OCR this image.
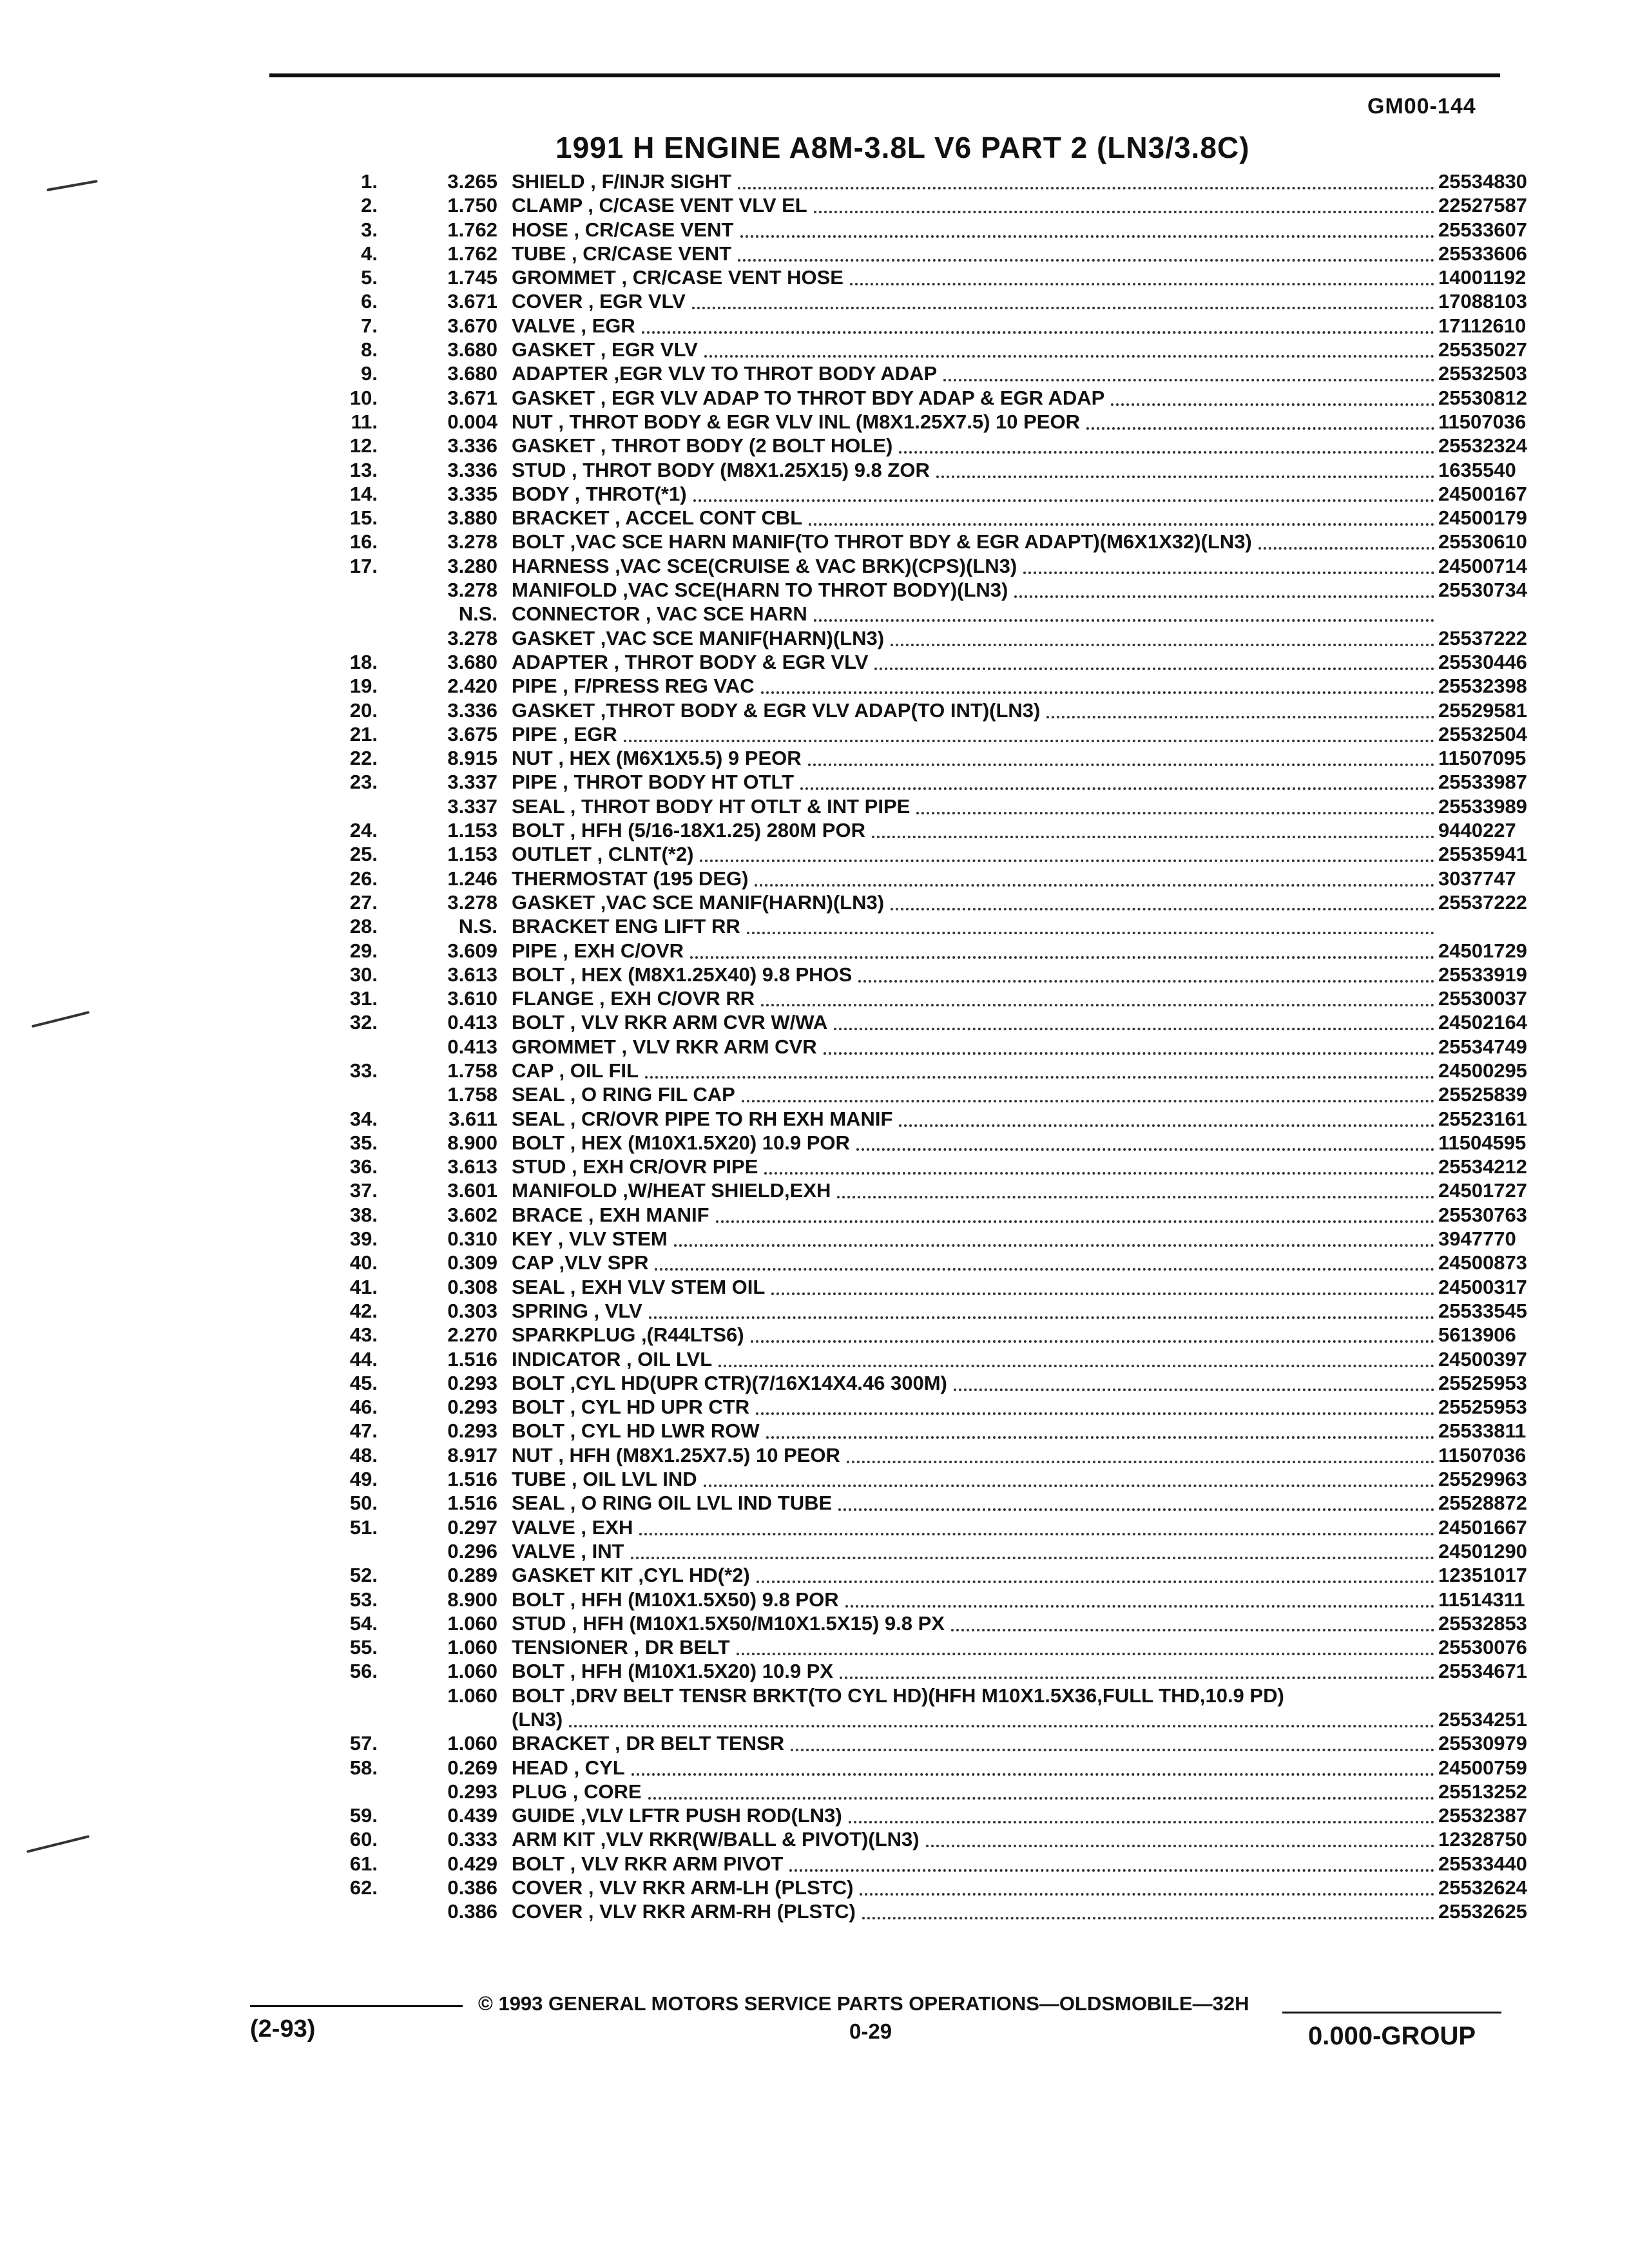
GM00-144
1991 H ENGINE A8M-3.8L V6 PART 2 (LN3/3.8C)
1.	3.265 SHIELD , F/INJR SIGHT	25534830
2.	1.750 CLAMP , C/CASE VENT VLV EL	22527587
3.	1.762 HOSE , CR/CASE VENT	25533607
4.	1.762 TUBE , CR/CASE VENT	25533606
5.	1.745 GROMMET , CR/CASE VENT HOSE	14001192
6.	3.671 COVER , EGR VLV	17088103
7.	3.670 VALVE , EGR	17112610
8.	3.680 GASKET , EGR VLV	25535027
9.	3.680 ADAPTER ,EGR VLV TO THROT BODY ADAP	25532503
10.	3.671 GASKET , EGR VLV ADAP TO THROT BDY ADAP & EGR ADAP	25530812
11.	0.004 NUT , THROT BODY & EGR VLV INL (M8X1.25X7.5) 10 PEOR	11507036
12.	3.336 GASKET , THROT BODY (2 BOLT HOLE)	25532324
13.	3.336 STUD , THROT BODY (M8X1.25X15) 9.8 ZOR	1635540
14.	3.335 BODY , THROT(*1)	24500167
15.	3.880 BRACKET , ACCEL CONT CBL	24500179
16.	3.278 BOLT ,VAC SCE HARN MANIF(TO THROT BDY & EGR ADAPT)(M6X1X32)(LN3)	25530610
17.	3.280 HARNESS ,VAC SCE(CRUISE & VAC BRK)(CPS)(LN3)	24500714
3.278 MANIFOLD ,VAC SCE(HARN TO THROT BODY)(LN3)	25530734
N.S. CONNECTOR , VAC SCE HARN
3.278 GASKET ,VAC SCE MANIF(HARN)(LN3)	25537222
18.	3.680 ADAPTER , THROT BODY & EGR VLV	25530446
19.	2.420 PIPE , F/PRESS REG VAC	25532398
20.	3.336 GASKET ,THROT BODY & EGR VLV ADAP(TO INT)(LN3)	25529581
21.	3.675 PIPE , EGR	25532504
22.	8.915 NUT , HEX (M6X1X5.5) 9 PEOR	11507095
23.	3.337 PIPE , THROT BODY HT OTLT	25533987
3.337 SEAL , THROT BODY HT OTLT & INT PIPE	25533989
24.	1.153 BOLT , HFH (5/16-18X1.25) 280M POR	9440227
25.	1.153 OUTLET , CLNT(*2)	25535941
26.	1.246 THERMOSTAT (195 DEG)	3037747
27.	3.278 GASKET ,VAC SCE MANIF(HARN)(LN3)	25537222
28.	N.S. BRACKET ENG LIFT RR
29.	3.609 PIPE , EXH C/OVR	24501729
30.	3.613 BOLT , HEX (M8X1.25X40) 9.8 PHOS	25533919
31.	3.610 FLANGE , EXH C/OVR RR	25530037
32.	0.413 BOLT , VLV RKR ARM CVR W/WA	24502164
0.413 GROMMET , VLV RKR ARM CVR	25534749
33.	1.758 CAP , OIL FIL	24500295
1.758 SEAL , O RING FIL CAP	25525839
34.	3.611 SEAL , CR/OVR PIPE TO RH EXH MANIF	25523161
35.	8.900 BOLT , HEX (M10X1.5X20) 10.9 POR	11504595
36.	3.613 STUD , EXH CR/OVR PIPE	25534212
37.	3.601 MANIFOLD ,W/HEAT SHIELD,EXH	24501727
38.	3.602 BRACE , EXH MANIF	25530763
39.	0.310 KEY , VLV STEM	3947770
40.	0.309 CAP ,VLV SPR	24500873
41.	0.308 SEAL , EXH VLV STEM OIL	24500317
42.	0.303 SPRING , VLV	25533545
43.	2.270 SPARKPLUG ,(R44LTS6)	5613906
44.	1.516 INDICATOR , OIL LVL	24500397
45.	0.293 BOLT ,CYL HD(UPR CTR)(7/16X14X4.46 300M)	25525953
46.	0.293 BOLT , CYL HD UPR CTR	25525953
47.	0.293 BOLT , CYL HD LWR ROW	25533811
48.	8.917 NUT , HFH (M8X1.25X7.5) 10 PEOR	11507036
49.	1.516 TUBE , OIL LVL IND	25529963
50.	1.516 SEAL , O RING OIL LVL IND TUBE	25528872
51.	0.297 VALVE , EXH	24501667
0.296 VALVE , INT	24501290
52.	0.289 GASKET KIT ,CYL HD(*2)	12351017
53.	8.900 BOLT , HFH (M10X1.5X50) 9.8 POR	11514311
54.	1.060 STUD , HFH (M10X1.5X50/M10X1.5X15) 9.8 PX	25532853
55.	1.060 TENSIONER , DR BELT	25530076
56.	1.060 BOLT , HFH (M10X1.5X20) 10.9 PX	25534671
1.060 BOLT ,DRV BELT TENSR BRKT(TO CYL HD)(HFH M10X1.5X36,FULL THD,10.9 PD)
(LN3)	25534251
57.	1.060 BRACKET , DR BELT TENSR	25530979
58.	0.269 HEAD , CYL	24500759
0.293 PLUG , CORE	25513252
59.	0.439 GUIDE ,VLV LFTR PUSH ROD(LN3)	25532387
60.	0.333 ARM KIT ,VLV RKR(W/BALL & PIVOT)(LN3)	12328750
61.	0.429 BOLT , VLV RKR ARM PIVOT	25533440
62.	0.386 COVER , VLV RKR ARM-LH (PLSTC)	25532624
0.386 COVER , VLV RKR ARM-RH (PLSTC)	25532625
© 1993 GENERAL MOTORS SERVICE PARTS OPERATIONS—OLDSMOBILE—32H
(2-93)	0-29	0.000-GROUP
